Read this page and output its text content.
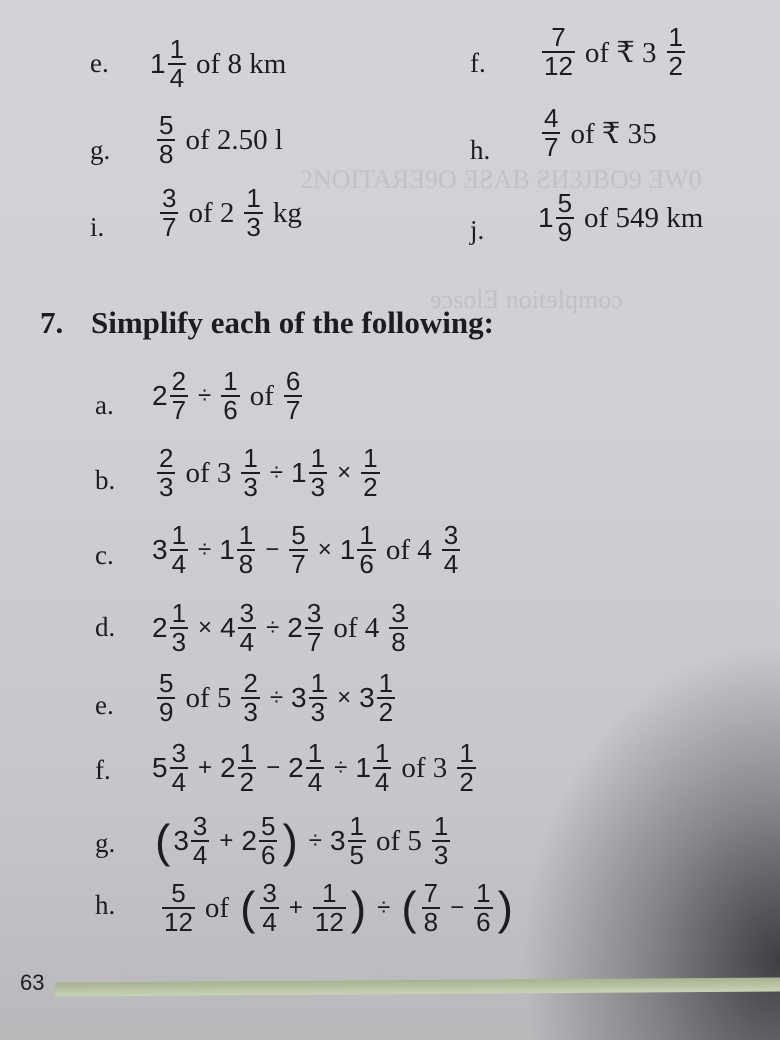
2NOITAЯƎ9O ƎƧAB ƧИ3JBO9 ƎW0
ɘɔsolƎ noitɘlqmoɔ
e. $1 \frac{1}{4}$ of 8 km	f. $\frac{7}{12}$ of ₹ $3 \frac{1}{2}$
g. $\frac{5}{8}$ of 2.50 l	h. $\frac{4}{7}$ of ₹ 35
i. $\frac{3}{7}$ of $2 \frac{1}{3}$ kg
j. $1 \frac{5}{9}$ of 549 km
7. Simplify each of the following:
a. $2 \frac{2}{7} \div \frac{1}{6}$ of $\frac{6}{7}$
b. $\frac{2}{3}$ of $3 \frac{1}{3} \div 1 \frac{1}{3} \times \frac{1}{2}$
c. $3 \frac{1}{4} \div 1 \frac{1}{8} - \frac{5}{7} \times 1 \frac{1}{6}$ of $4 \frac{3}{4}$
d. $2 \frac{1}{3} \times 4 \frac{3}{4} \div 2 \frac{3}{7}$ of $4 \frac{3}{8}$
e. $\frac{5}{9}$ of $5 \frac{2}{3} \div 3 \frac{1}{3} \times 3 \frac{1}{2}$
f. $5 \frac{3}{4} + 2 \frac{1}{2} - 2 \frac{1}{4} \div 1 \frac{1}{4}$ of $3 \frac{1}{2}$
g. ( $3 \frac{3}{4} + 2 \frac{5}{6}$ ) ÷ $3 \frac{1}{5}$ of $5 \frac{1}{3}$
h. $\frac{5}{12}$ of ( $\frac{3}{4} + \frac{1}{12}$ ) ÷ ( $\frac{7}{8} - \frac{1}{6}$ )
63
